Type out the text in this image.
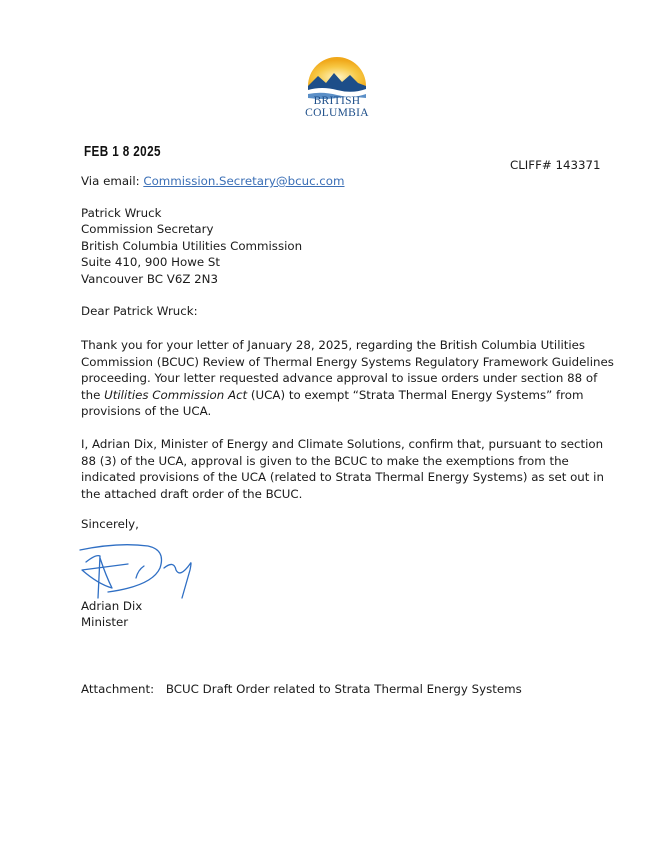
BRITISH
COLUMBIA
FEB 1 8 2025
CLIFF# 143371
Via email: Commission.Secretary@bcuc.com
Patrick Wruck
Commission Secretary
British Columbia Utilities Commission
Suite 410, 900 Howe St
Vancouver BC V6Z 2N3
Dear Patrick Wruck:
Thank you for your letter of January 28, 2025, regarding the British Columbia Utilities
Commission (BCUC) Review of Thermal Energy Systems Regulatory Framework Guidelines
proceeding. Your letter requested advance approval to issue orders under section 88 of
the Utilities Commission Act (UCA) to exempt “Strata Thermal Energy Systems” from
provisions of the UCA.
I, Adrian Dix, Minister of Energy and Climate Solutions, confirm that, pursuant to section
88 (3) of the UCA, approval is given to the BCUC to make the exemptions from the
indicated provisions of the UCA (related to Strata Thermal Energy Systems) as set out in
the attached draft order of the BCUC.
Sincerely,
Adrian Dix
Minister
Attachment: BCUC Draft Order related to Strata Thermal Energy Systems
